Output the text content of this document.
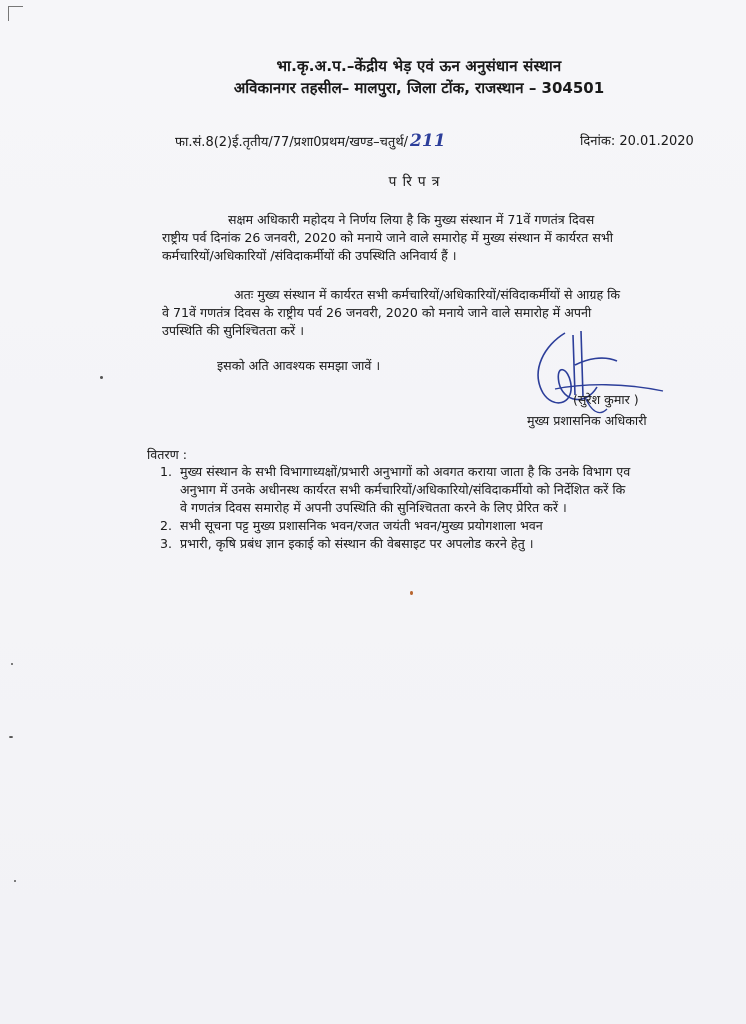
भा.कृ.अ.प.–केंद्रीय भेड़ एवं ऊन अनुसंधान संस्थान
अविकानगर तहसील– मालपुरा, जिला टोंक, राजस्थान – 304501
फा.सं.8(2)ई.तृतीय/77/प्रशा0प्रथम/खण्ड–चतुर्थ/ 211	दिनांक: 20.01.2020
परिपत्र
सक्षम अधिकारी महोदय ने निर्णय लिया है कि मुख्य संस्थान में 71वें गणतंत्र दिवस
राष्ट्रीय पर्व दिनांक 26 जनवरी, 2020 को मनाये जाने वाले समारोह में मुख्य संस्थान में कार्यरत सभी
कर्मचारियों/अधिकारियों /संविदाकर्मीयों की उपस्थिति अनिवार्य हैं ।
अतः मुख्य संस्थान में कार्यरत सभी कर्मचारियों/अधिकारियों/संविदाकर्मीयों से आग्रह कि
वे 71वें गणतंत्र दिवस के राष्ट्रीय पर्व 26 जनवरी, 2020 को मनाये जाने वाले समारोह में अपनी
उपस्थिति की सुनिश्चितता करें ।
इसको अति आवश्यक समझा जावें ।
(सुरेश कुमार )
मुख्य प्रशासनिक अधिकारी
वितरण :
1. मुख्य संस्थान के सभी विभागाध्यक्षों/प्रभारी अनुभागों को अवगत कराया जाता है कि उनके विभाग एव
अनुभाग में उनके अधीनस्थ कार्यरत सभी कर्मचारियों/अधिकारियो/संविदाकर्मीयो को निर्देशित करें कि
वे गणतंत्र दिवस समारोह में अपनी उपस्थिति की सुनिश्चितता करने के लिए प्रेरित करें ।
2. सभी सूचना पट्ट मुख्य प्रशासनिक भवन/रजत जयंती भवन/मुख्य प्रयोगशाला भवन
3. प्रभारी, कृषि प्रबंध ज्ञान इकाई को संस्थान की वेबसाइट पर अपलोड करने हेतु ।
